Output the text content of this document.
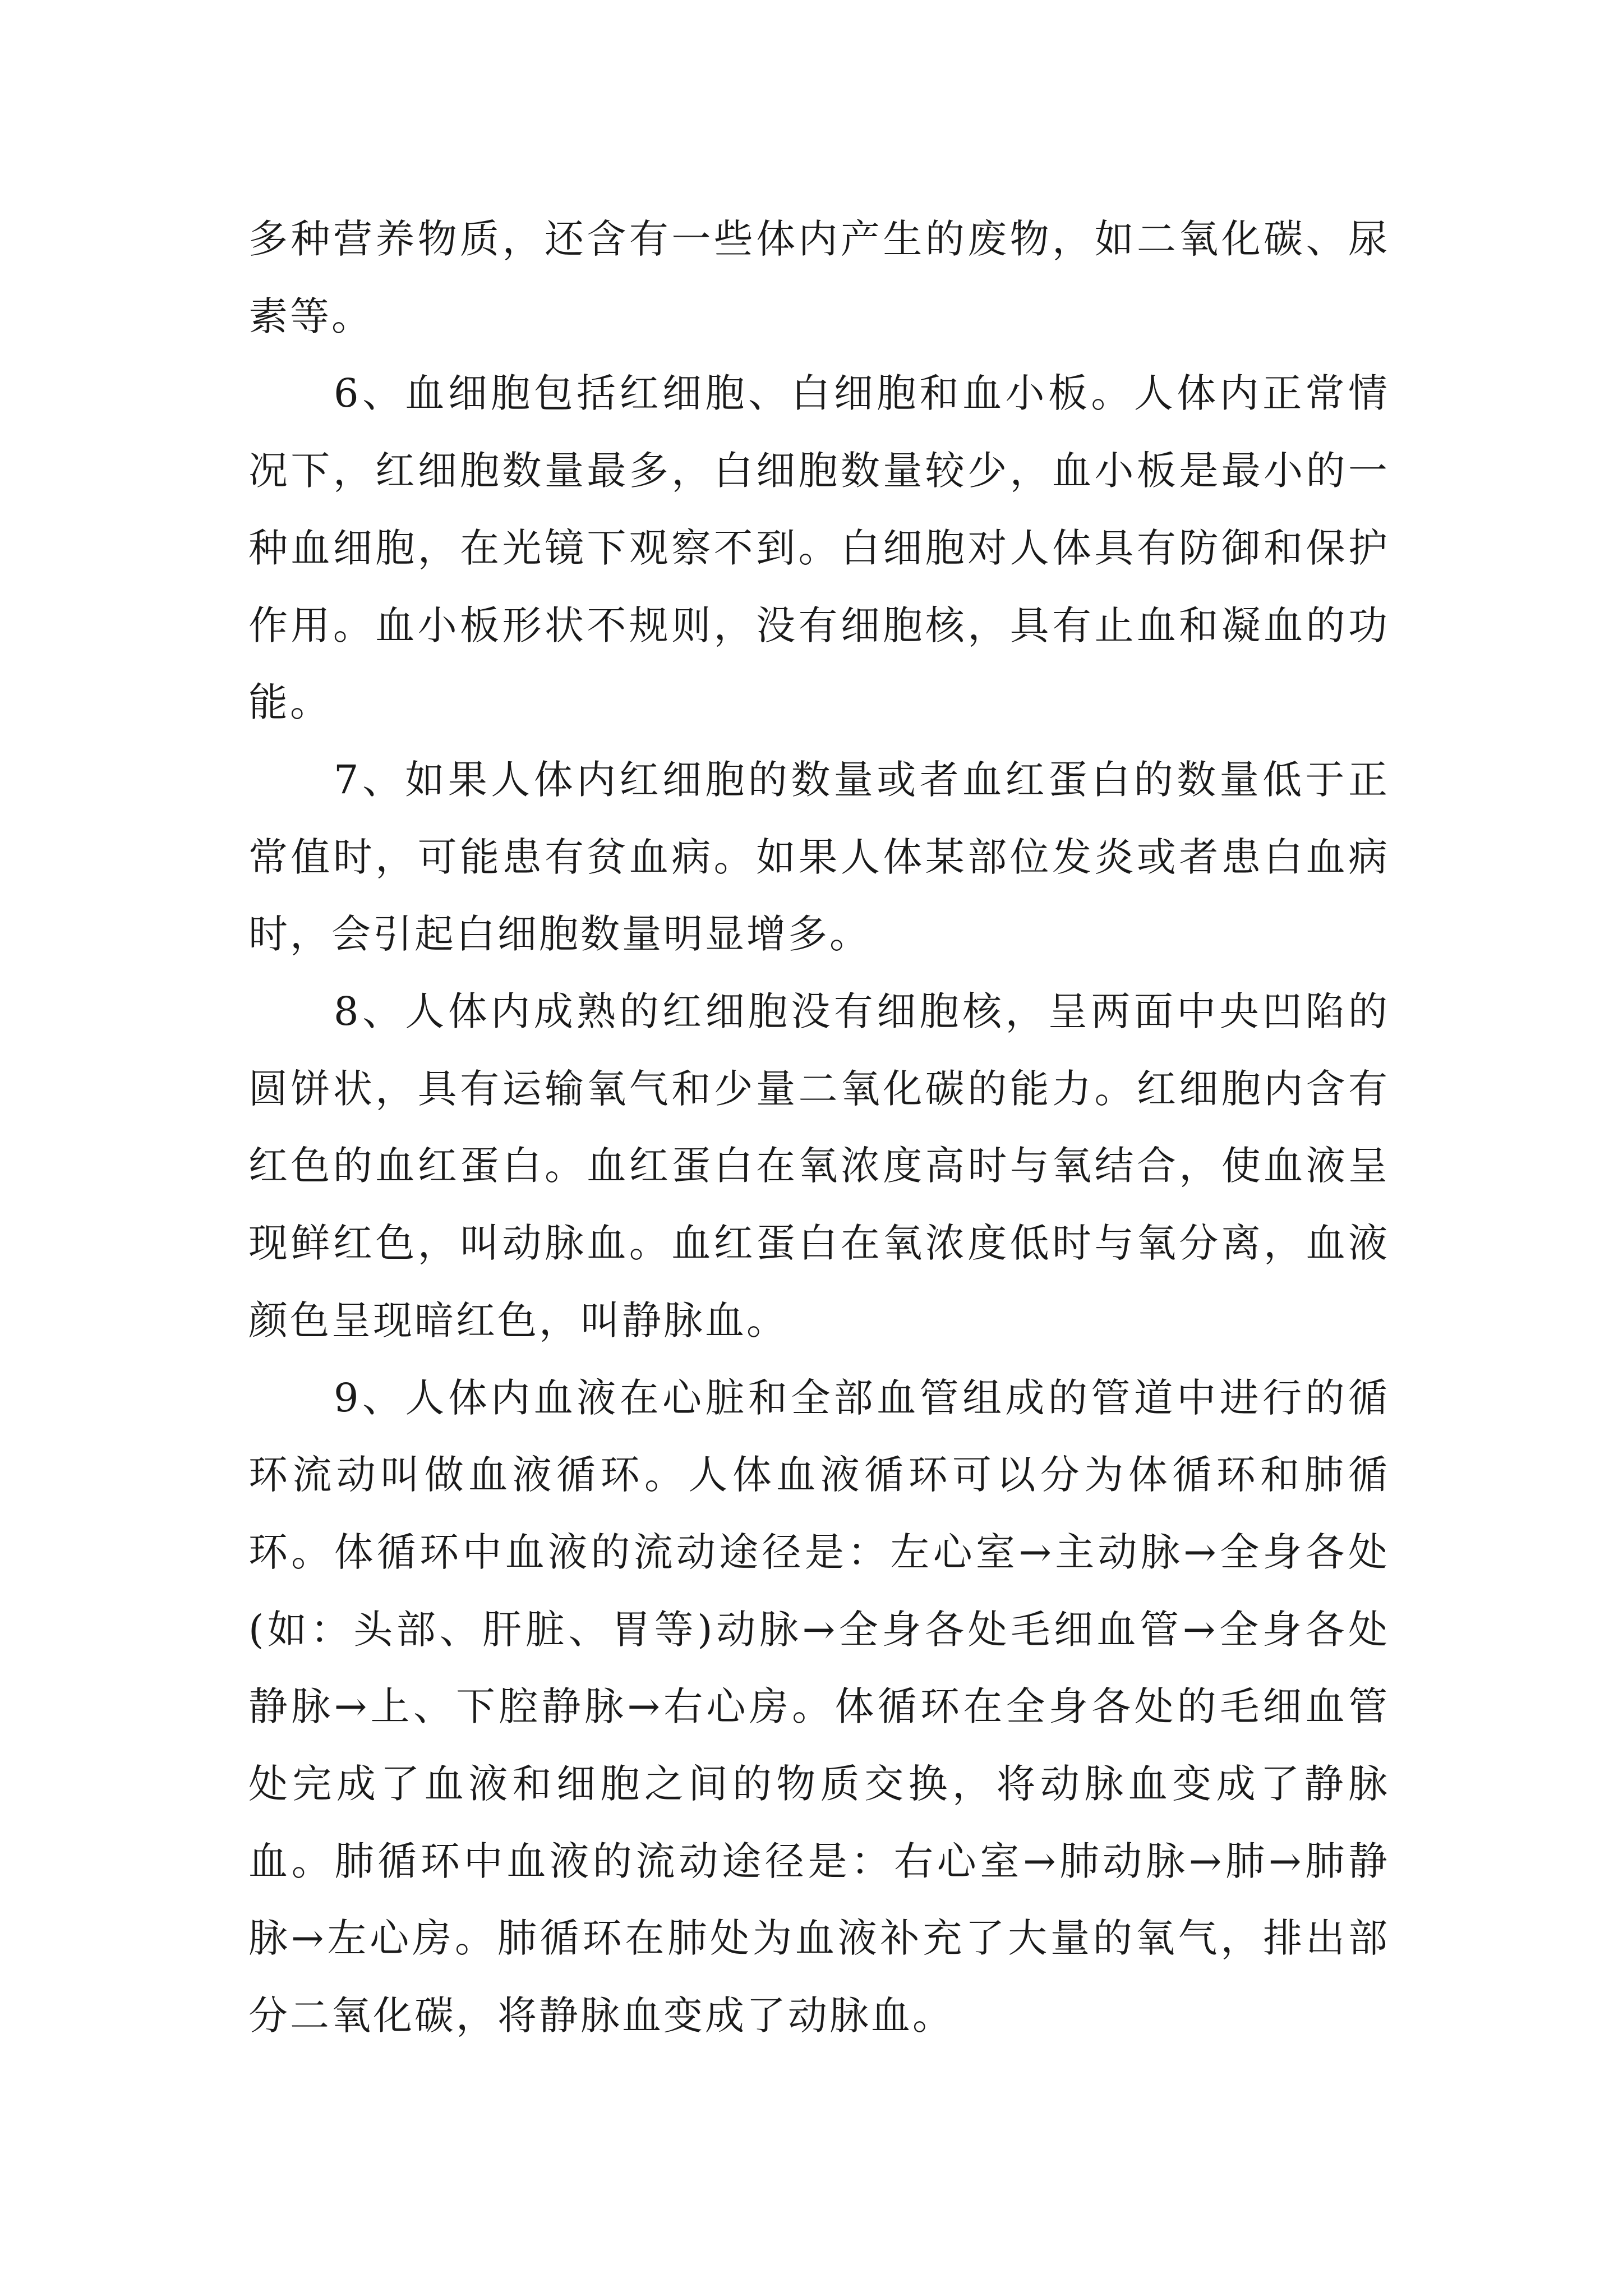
多种营养物质，还含有一些体内产生的废物，如二氧化碳、尿素等。

6、血细胞包括红细胞、白细胞和血小板。人体内正常情况下，红细胞数量最多，白细胞数量较少，血小板是最小的一种血细胞，在光镜下观察不到。白细胞对人体具有防御和保护作用。血小板形状不规则，没有细胞核，具有止血和凝血的功能。

7、如果人体内红细胞的数量或者血红蛋白的数量低于正常值时，可能患有贫血病。如果人体某部位发炎或者患白血病时，会引起白细胞数量明显增多。

8、人体内成熟的红细胞没有细胞核，呈两面中央凹陷的圆饼状，具有运输氧气和少量二氧化碳的能力。红细胞内含有红色的血红蛋白。血红蛋白在氧浓度高时与氧结合，使血液呈现鲜红色，叫动脉血。血红蛋白在氧浓度低时与氧分离，血液颜色呈现暗红色，叫静脉血。

9、人体内血液在心脏和全部血管组成的管道中进行的循环流动叫做血液循环。人体血液循环可以分为体循环和肺循环。体循环中血液的流动途径是：左心室→主动脉→全身各处(如：头部、肝脏、胃等)动脉→全身各处毛细血管→全身各处静脉→上、下腔静脉→右心房。体循环在全身各处的毛细血管处完成了血液和细胞之间的物质交换，将动脉血变成了静脉血。肺循环中血液的流动途径是：右心室→肺动脉→肺→肺静脉→左心房。肺循环在肺处为血液补充了大量的氧气，排出部分二氧化碳，将静脉血变成了动脉血。
